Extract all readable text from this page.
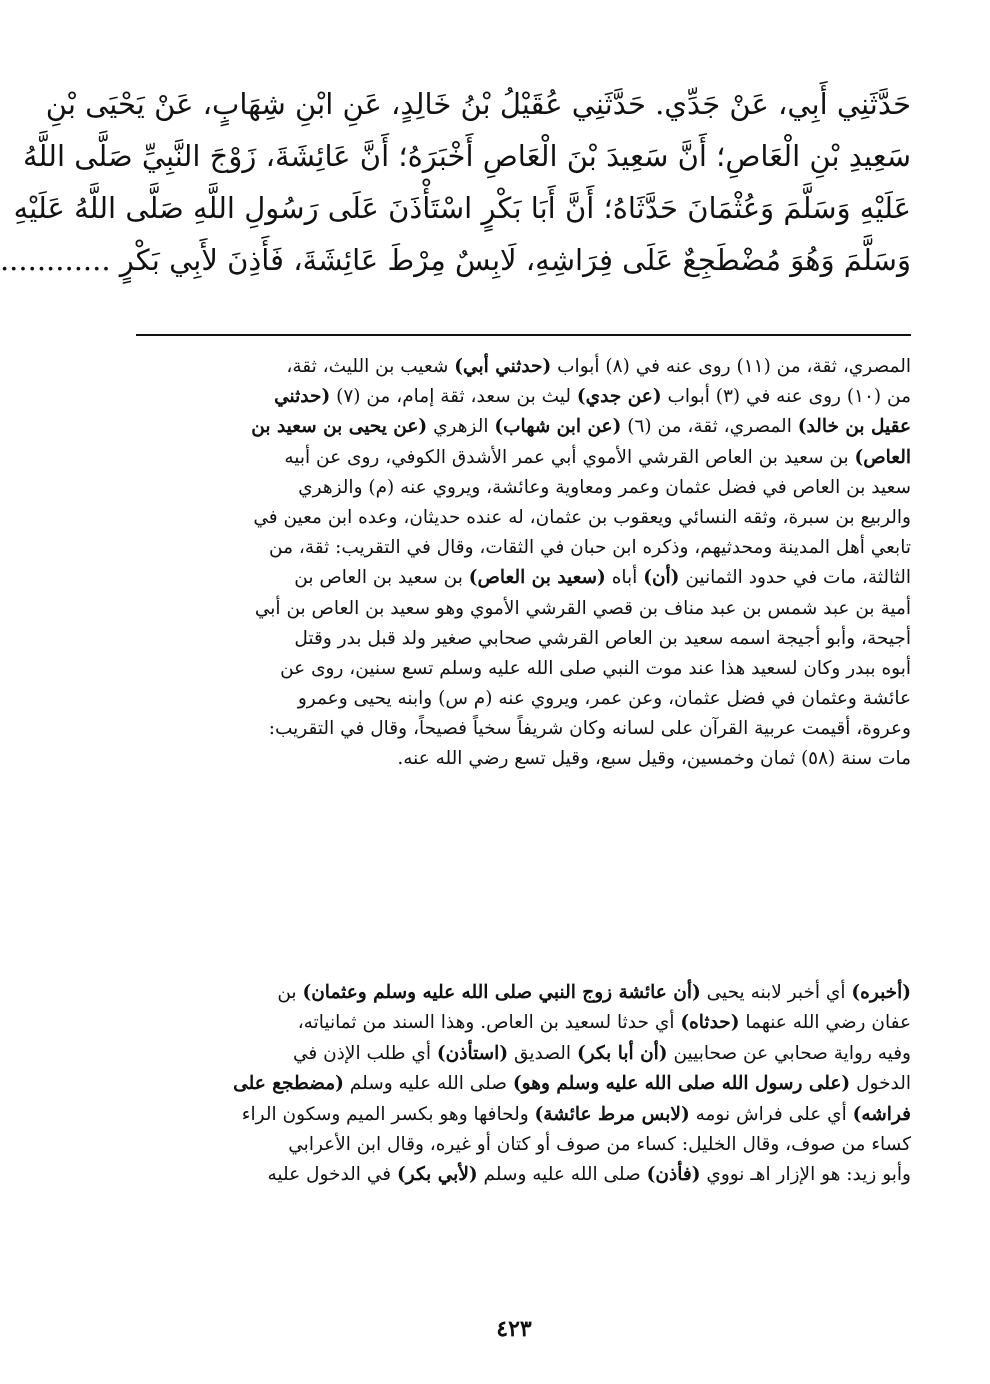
حَدَّثَنِي أَبِي، عَنْ جَدِّي. حَدَّثَنِي عُقَيْلُ بْنُ خَالِدٍ، عَنِ ابْنِ شِهَابٍ، عَنْ يَحْيَى بْنِ
سَعِيدِ بْنِ الْعَاصِ؛ أَنَّ سَعِيدَ بْنَ الْعَاصِ أَخْبَرَهُ؛ أَنَّ عَائِشَةَ، زَوْجَ النَّبِيِّ صَلَّى اللَّهُ
عَلَيْهِ وَسَلَّمَ وَعُثْمَانَ حَدَّثَاهُ؛ أَنَّ أَبَا بَكْرٍ اسْتَأْذَنَ عَلَى رَسُولِ اللَّهِ صَلَّى اللَّهُ عَلَيْهِ
وَسَلَّمَ وَهُوَ مُضْطَجِعٌ عَلَى فِرَاشِهِ، لَابِسٌ مِرْطَ عَائِشَةَ، فَأَذِنَ لأَبِي بَكْرٍ ............
المصري، ثقة، من (١١) روى عنه في (٨) أبواب (حدثني أبي) شعيب بن الليث، ثقة،
من (١٠) روى عنه في (٣) أبواب (عن جدي) ليث بن سعد، ثقة إمام، من (٧) (حدثني
عقيل بن خالد) المصري، ثقة، من (٦) (عن ابن شهاب) الزهري (عن يحيى بن سعيد بن
العاص) بن سعيد بن العاص القرشي الأموي أبي عمر الأشدق الكوفي، روى عن أبيه
سعيد بن العاص في فضل عثمان وعمر ومعاوية وعائشة، ويروي عنه (م) والزهري
والربيع بن سبرة، وثقه النسائي ويعقوب بن عثمان، له عنده حديثان، وعده ابن معين في
تابعي أهل المدينة ومحدثيهم، وذكره ابن حبان في الثقات، وقال في التقريب: ثقة، من
الثالثة، مات في حدود الثمانين (أن) أباه (سعيد بن العاص) بن سعيد بن العاص بن
أمية بن عبد شمس بن عبد مناف بن قصي القرشي الأموي وهو سعيد بن العاص بن أبي
أجيحة، وأبو أجيجة اسمه سعيد بن العاص القرشي صحابي صغير ولد قبل بدر وقتل
أبوه ببدر وكان لسعيد هذا عند موت النبي صلى الله عليه وسلم تسع سنين، روى عن
عائشة وعثمان في فضل عثمان، وعن عمر، ويروي عنه (م س) وابنه يحيى وعمرو
وعروة، أقيمت عربية القرآن على لسانه وكان شريفاً سخياً فصيحاً، وقال في التقريب:
مات سنة (٥٨) ثمان وخمسين، وقيل سبع، وقيل تسع رضي الله عنه.
(أخبره) أي أخبر لابنه يحيى (أن عائشة زوج النبي صلى الله عليه وسلم وعثمان) بن
عفان رضي الله عنهما (حدثاه) أي حدثا لسعيد بن العاص. وهذا السند من ثمانياته،
وفيه رواية صحابي عن صحابيين (أن أبا بكر) الصديق (استأذن) أي طلب الإذن في
الدخول (على رسول الله صلى الله عليه وسلم وهو) صلى الله عليه وسلم (مضطجع على
فراشه) أي على فراش نومه (لابس مرط عائشة) ولحافها وهو بكسر الميم وسكون الراء
كساء من صوف، وقال الخليل: كساء من صوف أو كتان أو غيره، وقال ابن الأعرابي
وأبو زيد: هو الإزار اهـ نووي (فأذن) صلى الله عليه وسلم (لأبي بكر) في الدخول عليه
٤٢٣
